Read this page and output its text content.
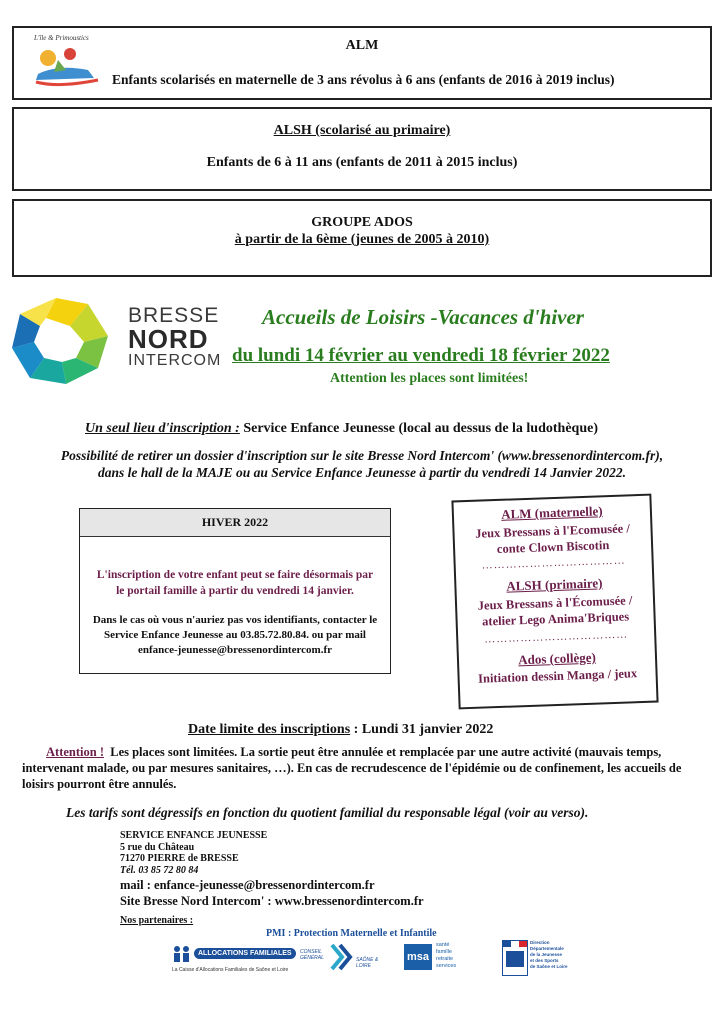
L'île & Primoustics	ALM
Enfants scolarisés en maternelle de 3 ans révolus à 6 ans (enfants de 2016 à 2019 inclus)
ALSH (scolarisé au primaire)
Enfants de 6 à 11 ans (enfants de 2011 à 2015 inclus)
GROUPE ADOS
à partir de la 6ème (jeunes de 2005 à 2010)
BRESSE
NORD
INTERCOM
Accueils de Loisirs -Vacances d'hiver
du lundi 14 février au vendredi 18 février 2022
Attention les places sont limitées!
Un seul lieu d'inscription : Service Enfance Jeunesse (local au dessus de la ludothèque)
Possibilité de retirer un dossier d'inscription sur le site Bresse Nord Intercom' (www.bressenordintercom.fr),
dans le hall de la MAJE ou au Service Enfance Jeunesse à partir du vendredi 14 Janvier 2022.
HIVER 2022
L'inscription de votre enfant peut se faire désormais par le portail famille à partir du vendredi 14 janvier.
Dans le cas où vous n'auriez pas vos identifiants, contacter le Service Enfance Jeunesse au 03.85.72.80.84. ou par mail enfance-jeunesse@bressenordintercom.fr
ALM (maternelle)
Jeux Bressans à l'Ecomusée / conte Clown Biscotin
………………………………
ALSH (primaire)
Jeux Bressans à l'Écomusée / atelier Lego Anima'Briques
………………………………
Ados (collège)
Initiation dessin Manga / jeux
Date limite des inscriptions : Lundi 31 janvier 2022
Attention ! Les places sont limitées. La sortie peut être annulée et remplacée par une autre activité (mauvais temps, intervenant malade, ou par mesures sanitaires, …). En cas de recrudescence de l'épidémie ou de confinement, les accueils de loisirs pourront être annulés.
Les tarifs sont dégressifs en fonction du quotient familial du responsable légal (voir au verso).
SERVICE ENFANCE JEUNESSE
5 rue du Château
71270 PIERRE de BRESSE
Tél. 03 85 72 80 84
mail : enfance-jeunesse@bressenordintercom.fr
Site Bresse Nord Intercom' : www.bressenordintercom.fr
Nos partenaires :
PMI : Protection Maternelle et Infantile
ALLOCATIONS FAMILIALES
La Caisse d'Allocations Familiales de Saône et Loire
CONSEIL GÉNÉRAL	SAÔNE & LOIRE
msa
santé
famille
retraite
services
Direction
Départementale
de la Jeunesse
et des Sports
de Saône et Loire
